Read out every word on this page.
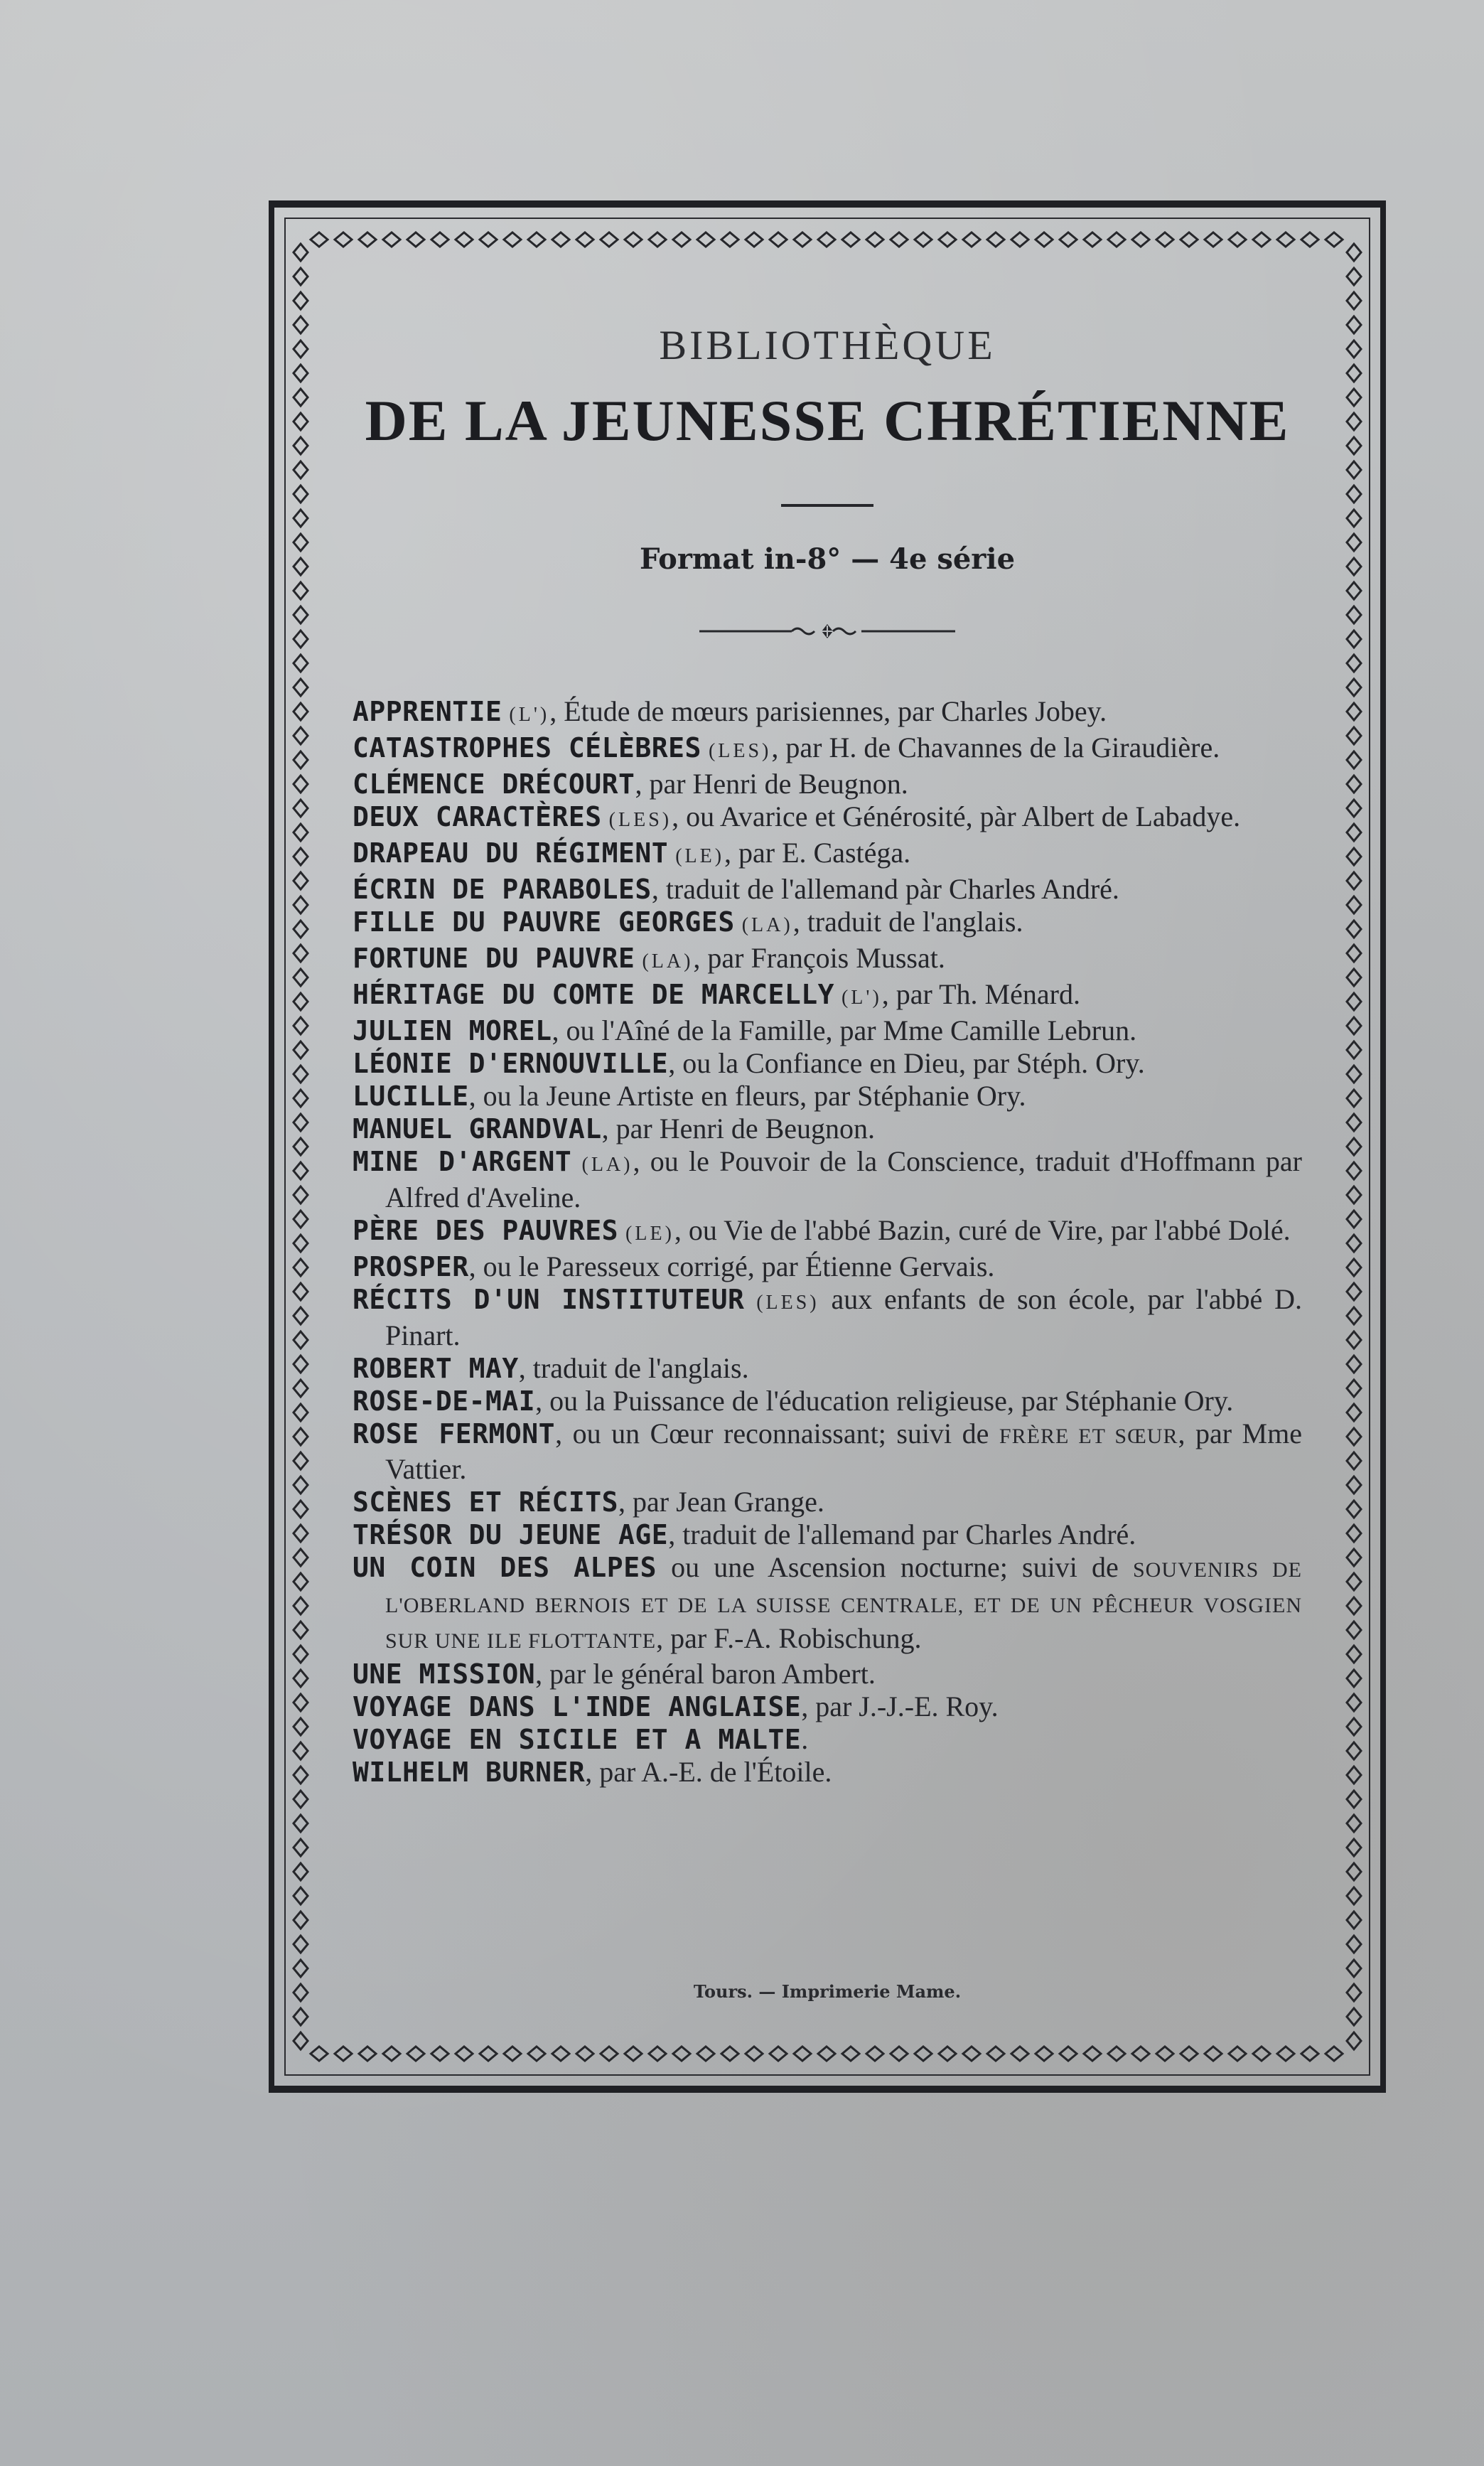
BIBLIOTHÈQUE
DE LA JEUNESSE CHRÉTIENNE
Format in-8° — 4e série
APPRENTIE (L'), Étude de mœurs parisiennes, par Charles Jobey.
CATASTROPHES CÉLÈBRES (LES), par H. de Chavannes de la Giraudière.
CLÉMENCE DRÉCOURT, par Henri de Beugnon.
DEUX CARACTÈRES (LES), ou Avarice et Générosité, pàr Albert de Labadye.
DRAPEAU DU RÉGIMENT (LE), par E. Castéga.
ÉCRIN DE PARABOLES, traduit de l'allemand pàr Charles André.
FILLE DU PAUVRE GEORGES (LA), traduit de l'anglais.
FORTUNE DU PAUVRE (LA), par François Mussat.
HÉRITAGE DU COMTE DE MARCELLY (L'), par Th. Ménard.
JULIEN MOREL, ou l'Aîné de la Famille, par Mme Camille Lebrun.
LÉONIE D'ERNOUVILLE, ou la Confiance en Dieu, par Stéph. Ory.
LUCILLE, ou la Jeune Artiste en fleurs, par Stéphanie Ory.
MANUEL GRANDVAL, par Henri de Beugnon.
MINE D'ARGENT (LA), ou le Pouvoir de la Conscience, traduit d'Hoffmann par Alfred d'Aveline.
PÈRE DES PAUVRES (LE), ou Vie de l'abbé Bazin, curé de Vire, par l'abbé Dolé.
PROSPER, ou le Paresseux corrigé, par Étienne Gervais.
RÉCITS D'UN INSTITUTEUR (LES) aux enfants de son école, par l'abbé D. Pinart.
ROBERT MAY, traduit de l'anglais.
ROSE-DE-MAI, ou la Puissance de l'éducation religieuse, par Stéphanie Ory.
ROSE FERMONT, ou un Cœur reconnaissant; suivi de FRÈRE ET SŒUR, par Mme Vattier.
SCÈNES ET RÉCITS, par Jean Grange.
TRÉSOR DU JEUNE AGE, traduit de l'allemand par Charles André.
UN COIN DES ALPES ou une Ascension nocturne; suivi de SOUVENIRS DE L'OBERLAND BERNOIS ET DE LA SUISSE CENTRALE, ET DE UN PÊCHEUR VOSGIEN SUR UNE ILE FLOTTANTE, par F.-A. Robischung.
UNE MISSION, par le général baron Ambert.
VOYAGE DANS L'INDE ANGLAISE, par J.-J.-E. Roy.
VOYAGE EN SICILE ET A MALTE.
WILHELM BURNER, par A.-E. de l'Étoile.
Tours. — Imprimerie Mame.
